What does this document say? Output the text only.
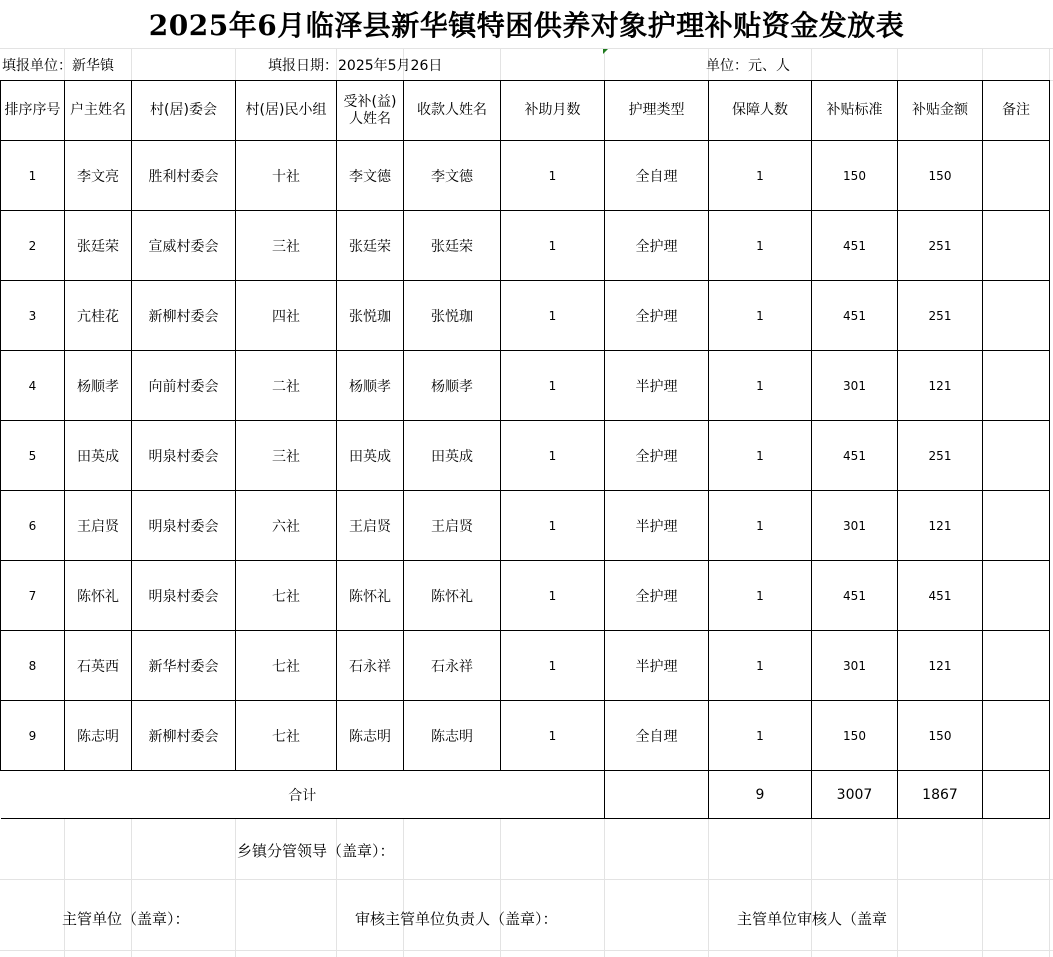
2025年6月临泽县新华镇特困供养对象护理补贴资金发放表
填报单位：新华镇	填报日期：2025年5月26日	单位：元、人
排序序号	户主姓名	村(居)委会	村(居)民小组	受补(益)人姓名	收款人姓名	补助月数	护理类型	保障人数	补贴标准	补贴金额	备注
1	李文亮	胜利村委会	十社	李文德	李文德	1	全自理	1	150	150	
2	张廷荣	宣威村委会	三社	张廷荣	张廷荣	1	全护理	1	451	251	
3	亢桂花	新柳村委会	四社	张悦珈	张悦珈	1	全护理	1	451	251	
4	杨顺孝	向前村委会	二社	杨顺孝	杨顺孝	1	半护理	1	301	121	
5	田英成	明泉村委会	三社	田英成	田英成	1	全护理	1	451	251	
6	王启贤	明泉村委会	六社	王启贤	王启贤	1	半护理	1	301	121	
7	陈怀礼	明泉村委会	七社	陈怀礼	陈怀礼	1	全护理	1	451	451	
8	石英西	新华村委会	七社	石永祥	石永祥	1	半护理	1	301	121	
9	陈志明	新柳村委会	七社	陈志明	陈志明	1	全自理	1	150	150	
合计								9	3007	1867	
乡镇分管领导（盖章）：
主管单位（盖章）：	审核主管单位负责人（盖章）：	主管单位审核人（盖章
